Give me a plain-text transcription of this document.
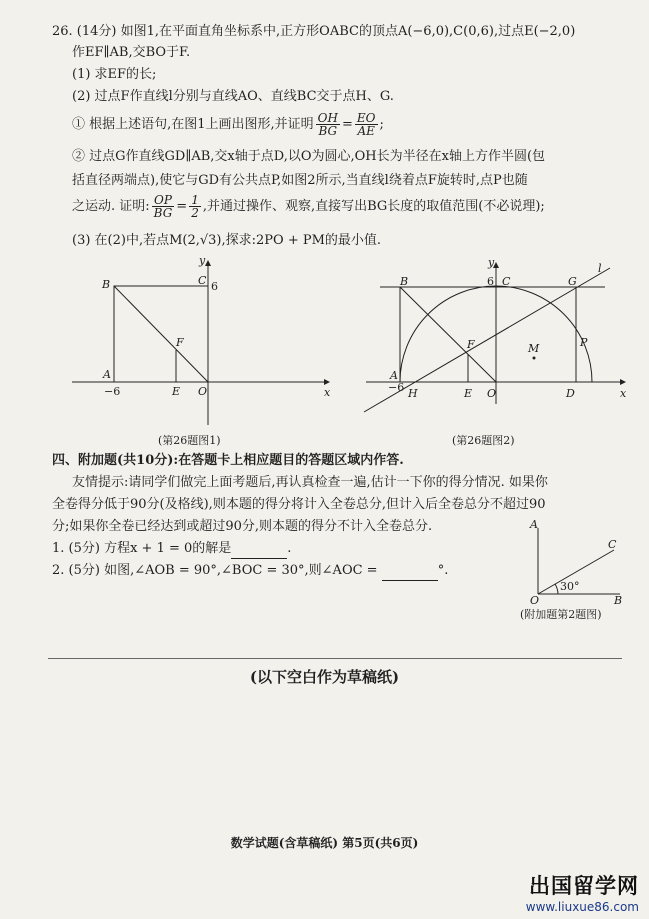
26. (14分) 如图1,在平面直角坐标系中,正方形OABC的顶点A(−6,0),C(0,6),过点E(−2,0)
作EF∥AB,交BO于F.
(1) 求EF的长;
(2) 过点F作直线l分别与直线AO、直线BC交于点H、G.
① 根据上述语句,在图1上画出图形,并证明 $\frac{OH}{BG} = \frac{EO}{AE}$ ;
② 过点G作直线GD∥AB,交x轴于点D,以O为圆心,OH长为半径在x轴上方作半圆(包
括直径两端点),使它与GD有公共点P,如图2所示,当直线l绕着点F旋转时,点P也随
之运动. 证明: $\frac{OP}{BG} = \frac{1}{2}$ ,并通过操作、观察,直接写出BG长度的取值范围(不必说理);
(3) 在(2)中,若点M(2,√3),探求:2PO + PM的最小值.
y
B	C 6
F
A
−6	E O	x
(第26题图1)
y	l
B	6 C	G
F	M	P
A
−6 H	E O	D	x
(第26题图2)
四、附加题(共10分):在答题卡上相应题目的答题区域内作答.
友情提示:请同学们做完上面考题后,再认真检查一遍,估计一下你的得分情况. 如果你
全卷得分低于90分(及格线),则本题的得分将计入全卷总分,但计入后全卷总分不超过90
分;如果你全卷已经达到或超过90分,则本题的得分不计入全卷总分.
1. (5分) 方程x + 1 = 0的解是	.
2. (5分) 如图,∠AOB = 90°,∠BOC = 30°,则∠AOC =	°.
A
C
30°
O	B
(附加题第2题图)
(以下空白作为草稿纸)
数学试题(含草稿纸) 第5页(共6页)
出国留学网
www.liuxue86.com
